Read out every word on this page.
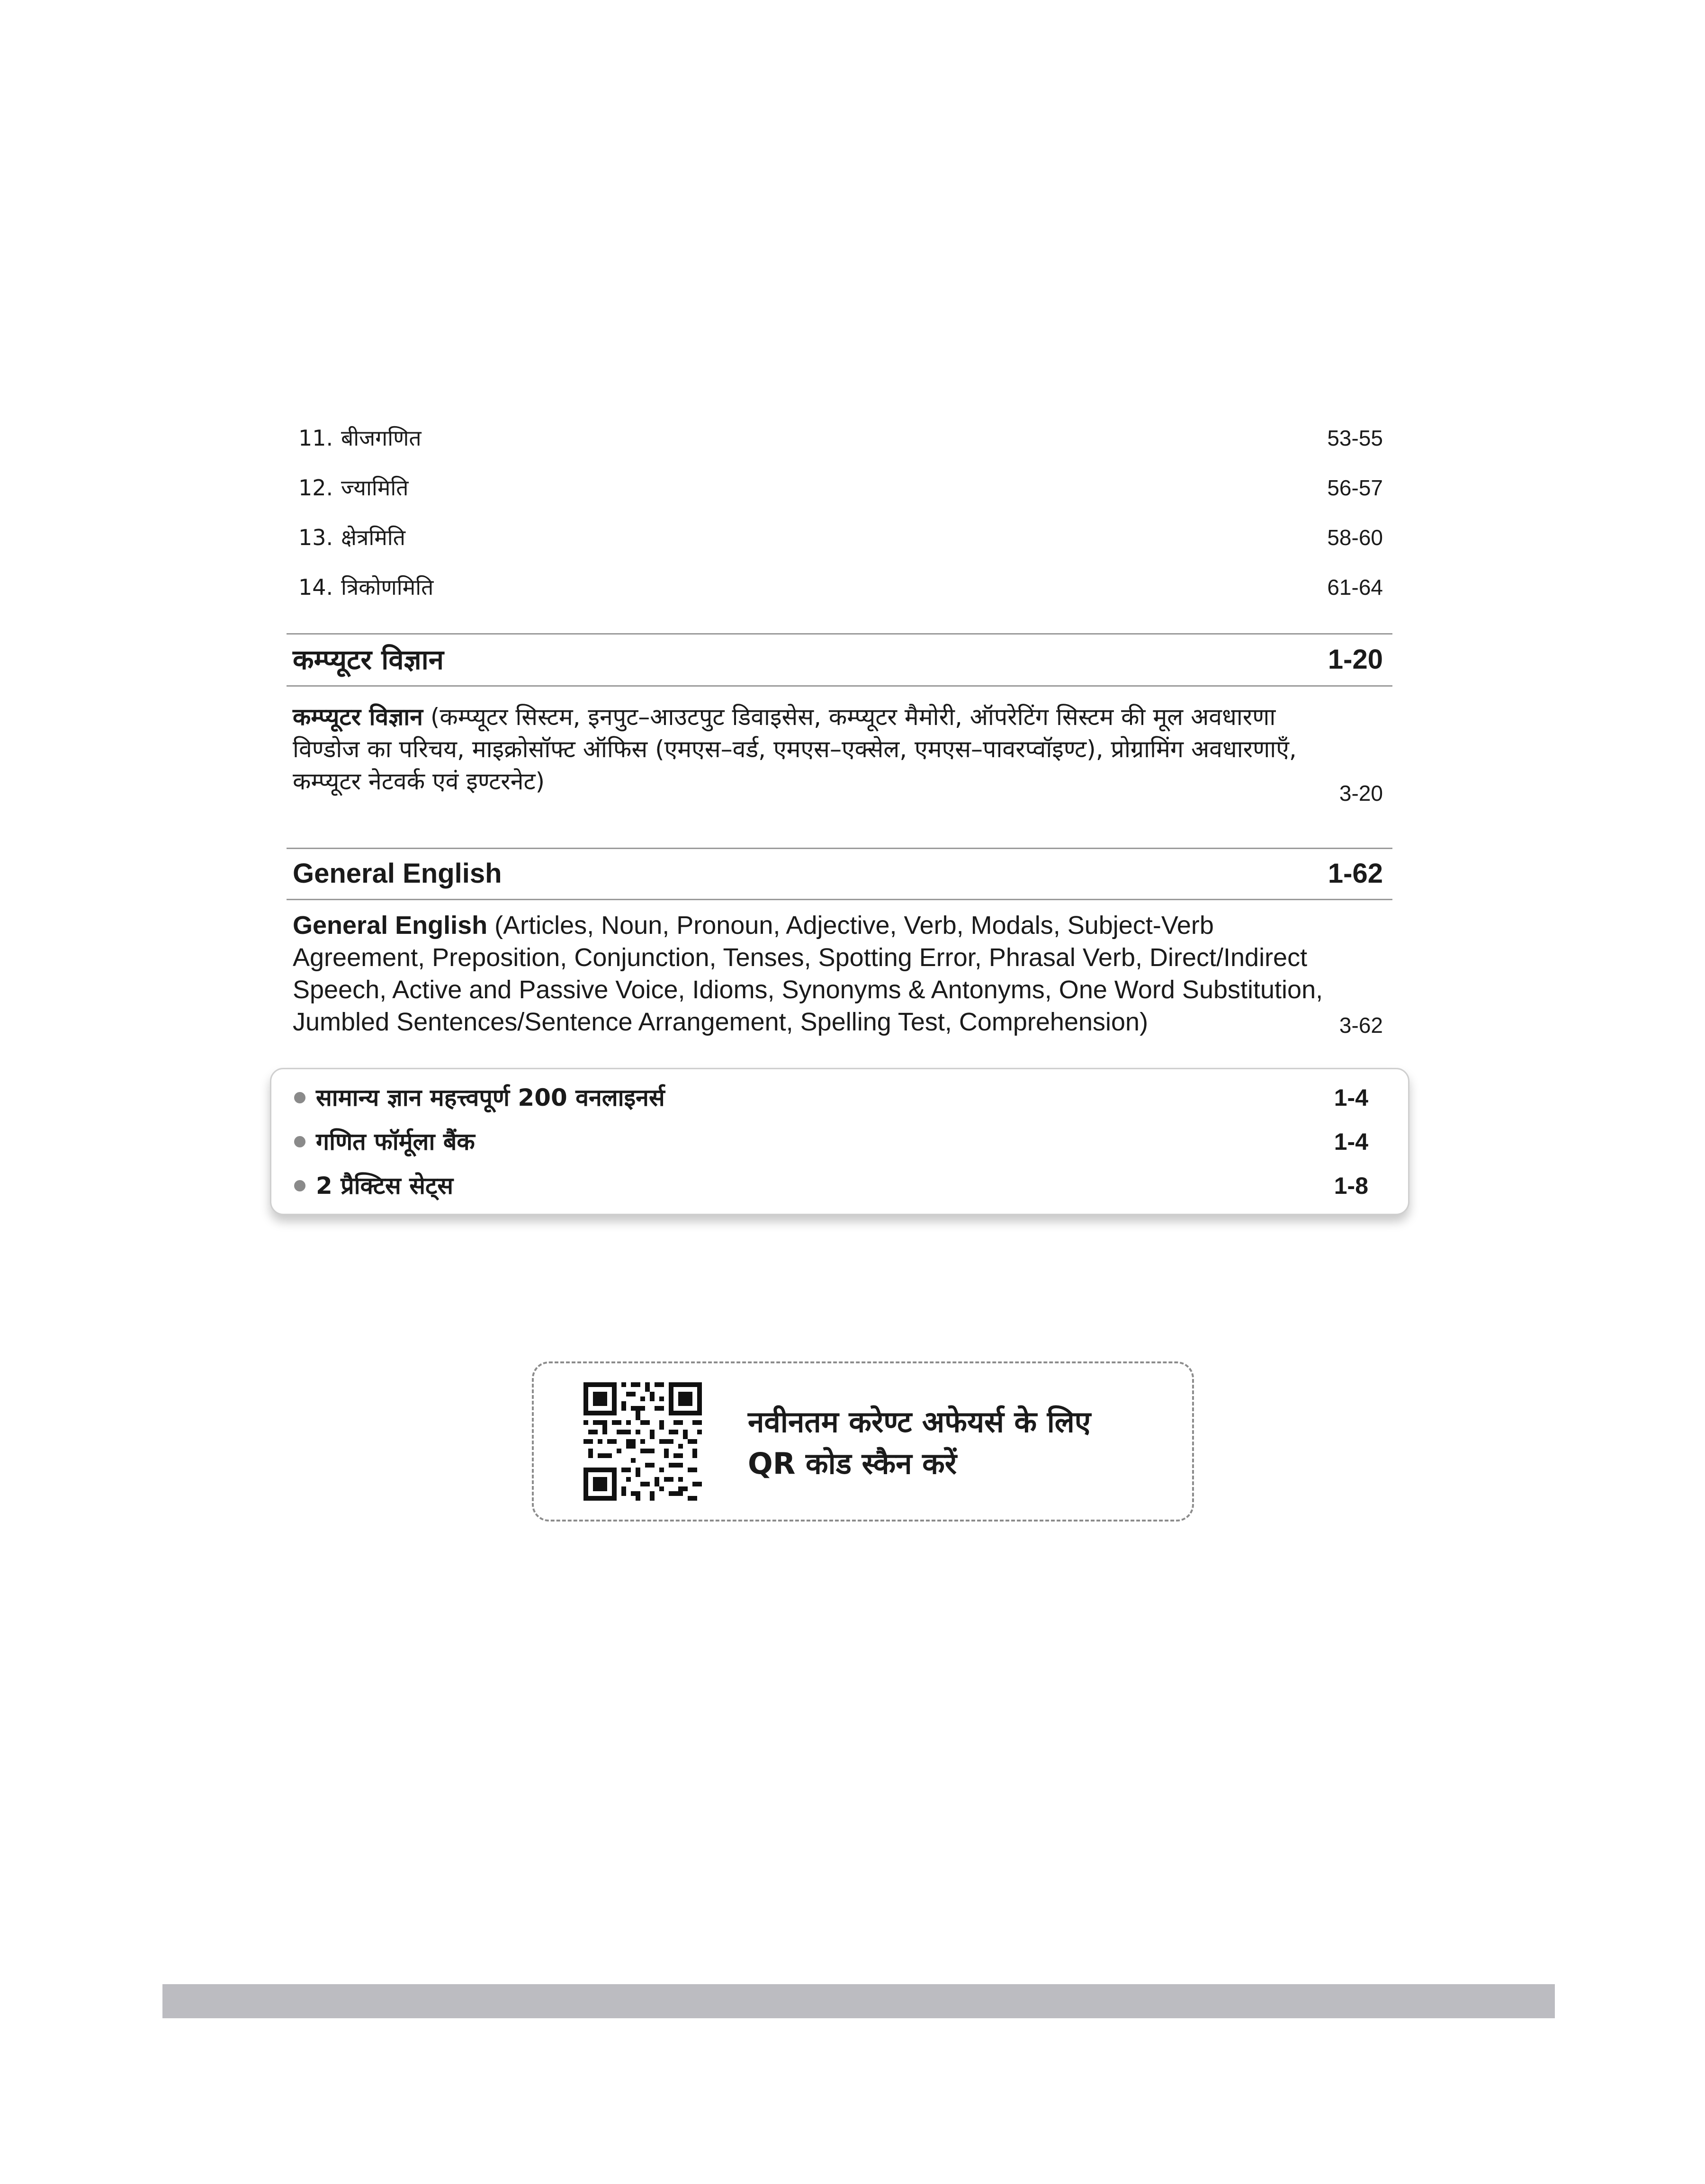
11. बीजगणित	53-55
12. ज्यामिति	56-57
13. क्षेत्रमिति	58-60
14. त्रिकोणमिति	61-64
कम्प्यूटर विज्ञान	1-20
कम्प्यूटर विज्ञान (कम्प्यूटर सिस्टम, इनपुट–आउटपुट डिवाइसेस, कम्प्यूटर मैमोरी, ऑपरेटिंग सिस्टम की मूल अवधारणा विण्डोज का परिचय, माइक्रोसॉफ्ट ऑफिस (एमएस–वर्ड, एमएस–एक्सेल, एमएस–पावरप्वॉइण्ट), प्रोग्रामिंग अवधारणाएँ, कम्प्यूटर नेटवर्क एवं इण्टरनेट)	3-20
General English	1-62
General English (Articles, Noun, Pronoun, Adjective, Verb, Modals, Subject-Verb Agreement, Preposition, Conjunction, Tenses, Spotting Error, Phrasal Verb, Direct/Indirect Speech, Active and Passive Voice, Idioms, Synonyms & Antonyms, One Word Substitution, Jumbled Sentences/Sentence Arrangement, Spelling Test, Comprehension)	3-62
सामान्य ज्ञान महत्त्वपूर्ण 200 वनलाइनर्स	1-4
गणित फॉर्मूला बैंक	1-4
2 प्रैक्टिस सेट्स	1-8
नवीनतम करेण्ट अफेयर्स के लिए
QR कोड स्कैन करें
